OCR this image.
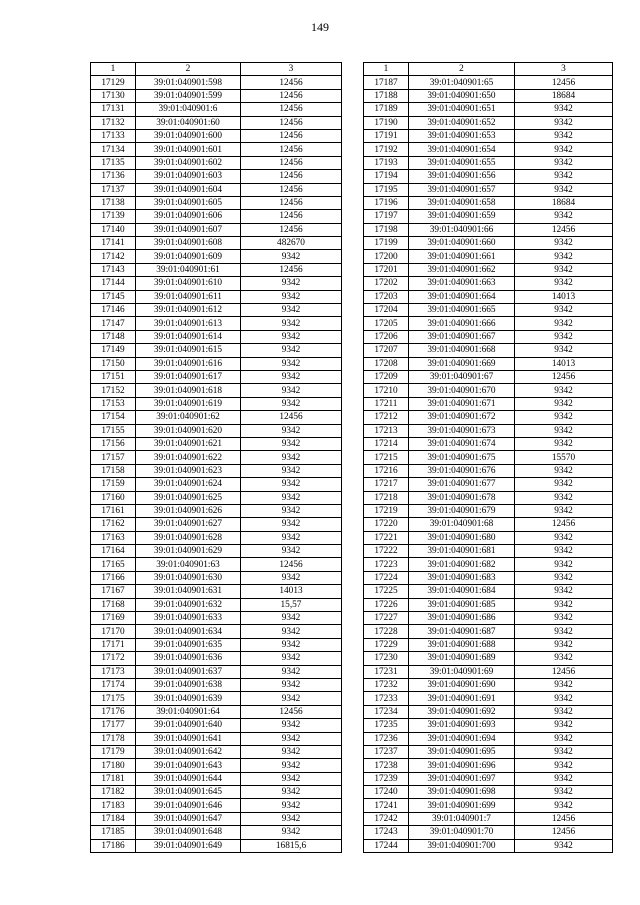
149
1	2	3
17129	39:01:040901:598	12456
17130	39:01:040901:599	12456
17131	39:01:040901:6	12456
17132	39:01:040901:60	12456
17133	39:01:040901:600	12456
17134	39:01:040901:601	12456
17135	39:01:040901:602	12456
17136	39:01:040901:603	12456
17137	39:01:040901:604	12456
17138	39:01:040901:605	12456
17139	39:01:040901:606	12456
17140	39:01:040901:607	12456
17141	39:01:040901:608	482670
17142	39:01:040901:609	9342
17143	39:01:040901:61	12456
17144	39:01:040901:610	9342
17145	39:01:040901:611	9342
17146	39:01:040901:612	9342
17147	39:01:040901:613	9342
17148	39:01:040901:614	9342
17149	39:01:040901:615	9342
17150	39:01:040901:616	9342
17151	39:01:040901:617	9342
17152	39:01:040901:618	9342
17153	39:01:040901:619	9342
17154	39:01:040901:62	12456
17155	39:01:040901:620	9342
17156	39:01:040901:621	9342
17157	39:01:040901:622	9342
17158	39:01:040901:623	9342
17159	39:01:040901:624	9342
17160	39:01:040901:625	9342
17161	39:01:040901:626	9342
17162	39:01:040901:627	9342
17163	39:01:040901:628	9342
17164	39:01:040901:629	9342
17165	39:01:040901:63	12456
17166	39:01:040901:630	9342
17167	39:01:040901:631	14013
17168	39:01:040901:632	15,57
17169	39:01:040901:633	9342
17170	39:01:040901:634	9342
17171	39:01:040901:635	9342
17172	39:01:040901:636	9342
17173	39:01:040901:637	9342
17174	39:01:040901:638	9342
17175	39:01:040901:639	9342
17176	39:01:040901:64	12456
17177	39:01:040901:640	9342
17178	39:01:040901:641	9342
17179	39:01:040901:642	9342
17180	39:01:040901:643	9342
17181	39:01:040901:644	9342
17182	39:01:040901:645	9342
17183	39:01:040901:646	9342
17184	39:01:040901:647	9342
17185	39:01:040901:648	9342
17186	39:01:040901:649	16815,6
1	2	3
17187	39:01:040901:65	12456
17188	39:01:040901:650	18684
17189	39:01:040901:651	9342
17190	39:01:040901:652	9342
17191	39:01:040901:653	9342
17192	39:01:040901:654	9342
17193	39:01:040901:655	9342
17194	39:01:040901:656	9342
17195	39:01:040901:657	9342
17196	39:01:040901:658	18684
17197	39:01:040901:659	9342
17198	39:01:040901:66	12456
17199	39:01:040901:660	9342
17200	39:01:040901:661	9342
17201	39:01:040901:662	9342
17202	39:01:040901:663	9342
17203	39:01:040901:664	14013
17204	39:01:040901:665	9342
17205	39:01:040901:666	9342
17206	39:01:040901:667	9342
17207	39:01:040901:668	9342
17208	39:01:040901:669	14013
17209	39:01:040901:67	12456
17210	39:01:040901:670	9342
17211	39:01:040901:671	9342
17212	39:01:040901:672	9342
17213	39:01:040901:673	9342
17214	39:01:040901:674	9342
17215	39:01:040901:675	15570
17216	39:01:040901:676	9342
17217	39:01:040901:677	9342
17218	39:01:040901:678	9342
17219	39:01:040901:679	9342
17220	39:01:040901:68	12456
17221	39:01:040901:680	9342
17222	39:01:040901:681	9342
17223	39:01:040901:682	9342
17224	39:01:040901:683	9342
17225	39:01:040901:684	9342
17226	39:01:040901:685	9342
17227	39:01:040901:686	9342
17228	39:01:040901:687	9342
17229	39:01:040901:688	9342
17230	39:01:040901:689	9342
17231	39:01:040901:69	12456
17232	39:01:040901:690	9342
17233	39:01:040901:691	9342
17234	39:01:040901:692	9342
17235	39:01:040901:693	9342
17236	39:01:040901:694	9342
17237	39:01:040901:695	9342
17238	39:01:040901:696	9342
17239	39:01:040901:697	9342
17240	39:01:040901:698	9342
17241	39:01:040901:699	9342
17242	39:01:040901:7	12456
17243	39:01:040901:70	12456
17244	39:01:040901:700	9342
